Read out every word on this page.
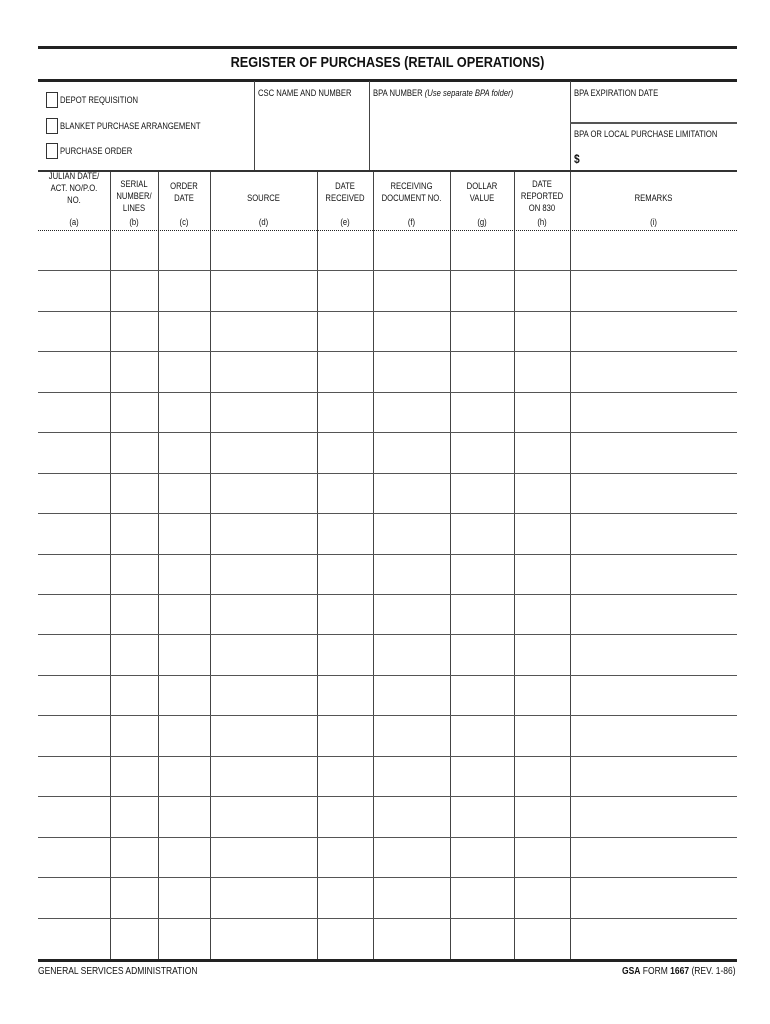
REGISTER OF PURCHASES (RETAIL OPERATIONS)
DEPOT REQUISITION
BLANKET PURCHASE ARRANGEMENT
PURCHASE ORDER
CSC NAME AND NUMBER BPA NUMBER (Use separate BPA folder)	BPA EXPIRATION DATE
BPA OR LOCAL PURCHASE LIMITATION
$
JULIAN DATE/
ACT. NO/P.O. NO.
(a)
SERIAL
NUMBER/
LINES
(b)
ORDER
DATE
(c)
SOURCE
(d)
DATE
RECEIVED
(e)
RECEIVING
DOCUMENT NO.
(f)
DOLLAR
VALUE
(g)
DATE
REPORTED
ON 830
(h)
REMARKS
(i)
GENERAL SERVICES ADMINISTRATION	GSA FORM 1667 (REV. 1-86)
